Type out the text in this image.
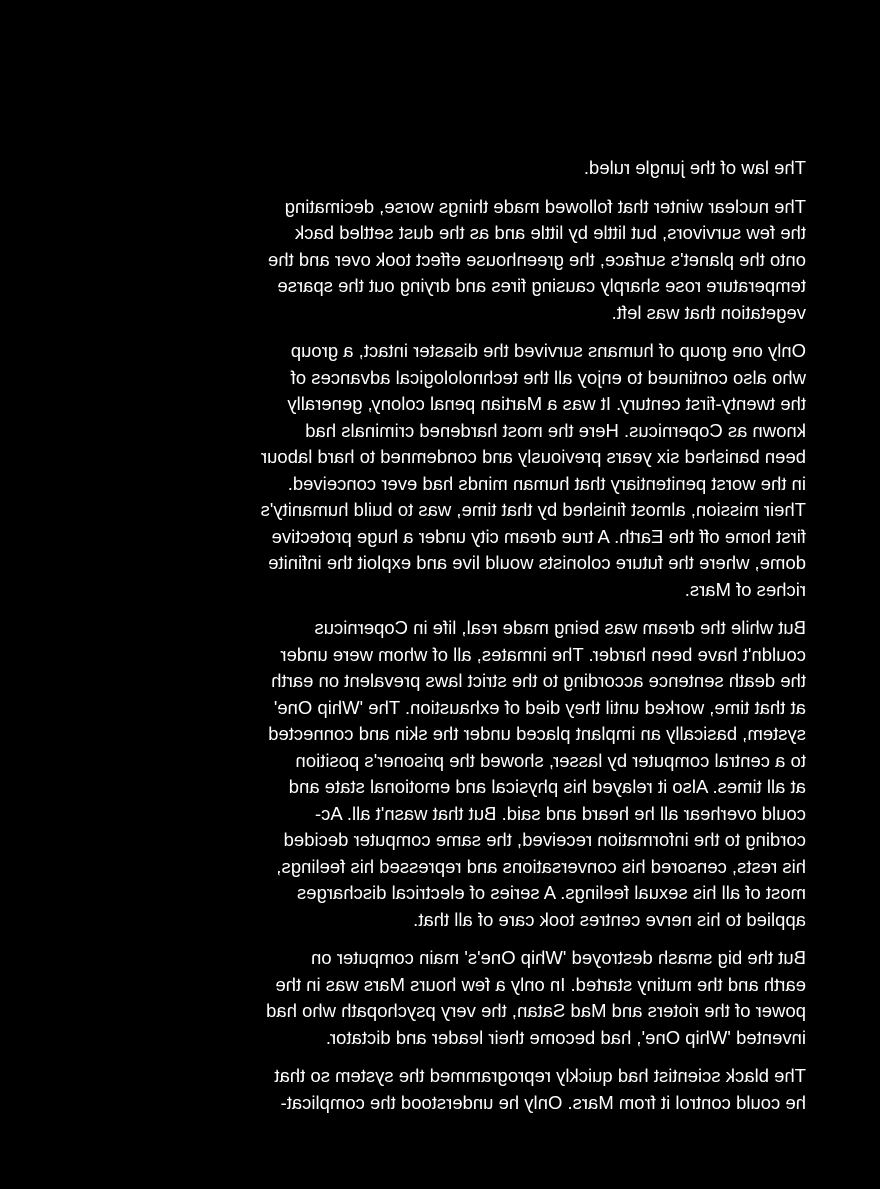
The law of the jungle ruled.

The nuclear winter that followed made things worse, decimating
the few survivors, but little by little and as the dust settled back
onto the planet's surface, the greenhouse effect took over and the
temperature rose sharply causing fires and drying out the sparse
vegetation that was left.

Only one group of humans survived the disaster intact, a group
who also continued to enjoy all the technolological advances of
the twenty-first century. It was a Martian penal colony, generally
known as Copernicus. Here the most hardened criminals had
been banished six years previously and condemned to hard labour
in the worst penitentiary that human minds had ever conceived.
Their mission, almost finished by that time, was to build humanity's
first home off the Earth. A true dream city under a huge protective
dome, where the future colonists would live and exploit the infinite
riches of Mars.

But while the dream was being made real, life in Copernicus
couldn't have been harder. The inmates, all of whom were under
the death sentence according to the strict laws prevalent on earth
at that time, worked until they died of exhaustion. The 'Whip One'
system, basically an implant placed under the skin and connected
to a central computer by lasser, showed the prisoner's position
at all times. Also it relayed his physical and emotional state and
could overhear all he heard and said. But that wasn't all. Ac-
cording to the information received, the same computer decided
his rests, censored his conversations and repressed his feelings,
most of all his sexual feelings. A series of electrical discharges
applied to his nerve centres took care of all that.

But the big smash destroyed 'Whip One's' main computer on
earth and the mutiny started. In only a few hours Mars was in the
power of the rioters and Mad Satan, the very psychopath who had
invented 'Whip One', had become their leader and dictator.

The black scientist had quickly reprogrammed the system so that
he could control it from Mars. Only he understood the complicat-
